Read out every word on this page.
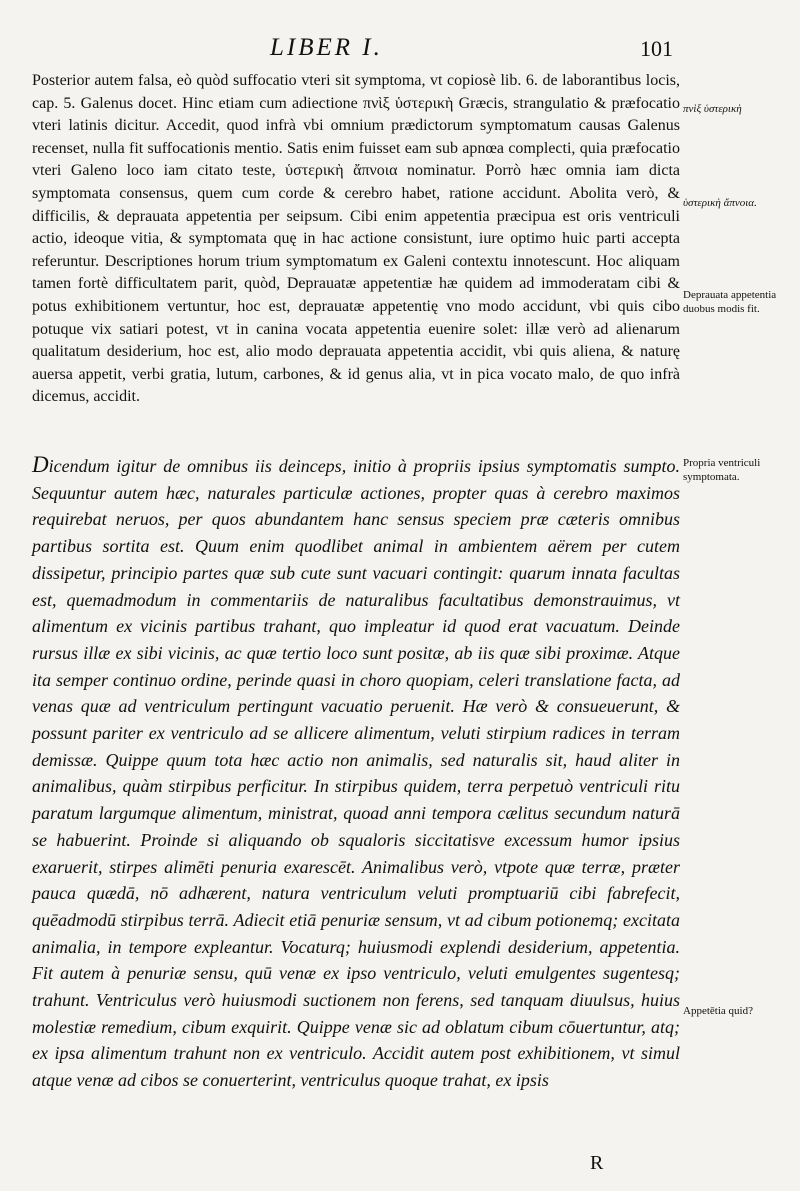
LIBER I.	101

Posterior autem falsa, eò quòd suffocatio vteri sit symptoma, vt copiosè lib. 6. de laborantibus locis, cap. 5. Galenus docet. Hinc etiam cum adiectione πνὶξ ὑστερικὴ Græcis, strangulatio & præfocatio vteri latinis dicitur. Accedit, quod infrà vbi omnium prædictorum symptomatum causas Galenus recenset, nulla fit suffocationis mentio. Satis enim fuisset eam sub apnœa complecti, quia præfocatio vteri Galeno loco iam citato teste, ὑστερικὴ ἄπνοια nominatur. Porrò hæc omnia iam dicta symptomata consensus, quem cum corde & cerebro habet, ratione accidunt. Abolita verò, & difficilis, & deprauata appetentia per seipsum. Cibi enim appetentia præcipua est oris ventriculi actio, ideoque vitia, & symptomata quę in hac actione consistunt, iure optimo huic parti accepta referuntur. Descriptiones horum trium symptomatum ex Galeni contextu innotescunt. Hoc aliquam tamen fortè difficultatem parit, quòd, Deprauatæ appetentiæ hæ quidem ad immoderatam cibi & potus exhibitionem vertuntur, hoc est, deprauatæ appetentię vno modo accidunt, vbi quis cibo potuque vix satiari potest, vt in canina vocata appetentia euenire solet: illæ verò ad alienarum qualitatum desiderium, hoc est, alio modo deprauata appetentia accidit, vbi quis aliena, & naturę auersa appetit, verbi gratia, lutum, carbones, & id genus alia, vt in pica vocato malo, de quo infrà dicemus, accidit.

Dicendum igitur de omnibus iis deinceps, initio à propriis ipsius symptomatis sumpto. Sequuntur autem hæc, naturales particulæ actiones, propter quas à cerebro maximos requirebat neruos, per quos abundantem hanc sensus speciem præ cæteris omnibus partibus sortita est. Quum enim quodlibet animal in ambientem aërem per cutem dissipetur, principio partes quæ sub cute sunt vacuari contingit: quarum innata facultas est, quemadmodum in commentariis de naturalibus facultatibus demonstrauimus, vt alimentum ex vicinis partibus trahant, quo impleatur id quod erat vacuatum. Deinde rursus illæ ex sibi vicinis, ac quæ tertio loco sunt positæ, ab iis quæ sibi proximæ. Atque ita semper continuo ordine, perinde quasi in choro quopiam, celeri translatione facta, ad venas quæ ad ventriculum pertingunt vacuatio peruenit. Hæ verò & consueuerunt, & possunt pariter ex ventriculo ad se allicere alimentum, veluti stirpium radices in terram demissæ. Quippe quum tota hæc actio non animalis, sed naturalis sit, haud aliter in animalibus, quàm stirpibus perficitur. In stirpibus quidem, terra perpetuò ventriculi ritu paratum largumque alimentum, ministrat, quoad anni tempora cælitus secundum naturā se habuerint. Proinde si aliquando ob squaloris siccitatisve excessum humor ipsius exaruerit, stirpes alimēti penuria exarescēt. Animalibus verò, vtpote quæ terræ, præter pauca quædā, nō adhærent, natura ventriculum veluti promptuariū cibi fabrefecit, quēadmodū stirpibus terrā. Adiecit etiā penuriæ sensum, vt ad cibum potionemq; excitata animalia, in tempore expleantur. Vocaturq; huiusmodi explendi desiderium, appetentia. Fit autem à penuriæ sensu, quū venæ ex ipso ventriculo, veluti emulgentes sugentesq; trahunt. Ventriculus verò huiusmodi suctionem non ferens, sed tanquam diuulsus, huius molestiæ remedium, cibum exquirit. Quippe venæ sic ad oblatum cibum cōuertuntur, atq; ex ipsa alimentum trahunt non ex ventriculo. Accidit autem post exhibitionem, vt simul atque venæ ad cibos se conuerterint, ventriculus quoque trahat, ex ipsis

πνὶξ ὑστερικὴ
ὑστερικὴ ἄπνοια.
Deprauata appetentia duobus modis fit.
Propria ventriculi symptomata.
Appetētia quid?
R
